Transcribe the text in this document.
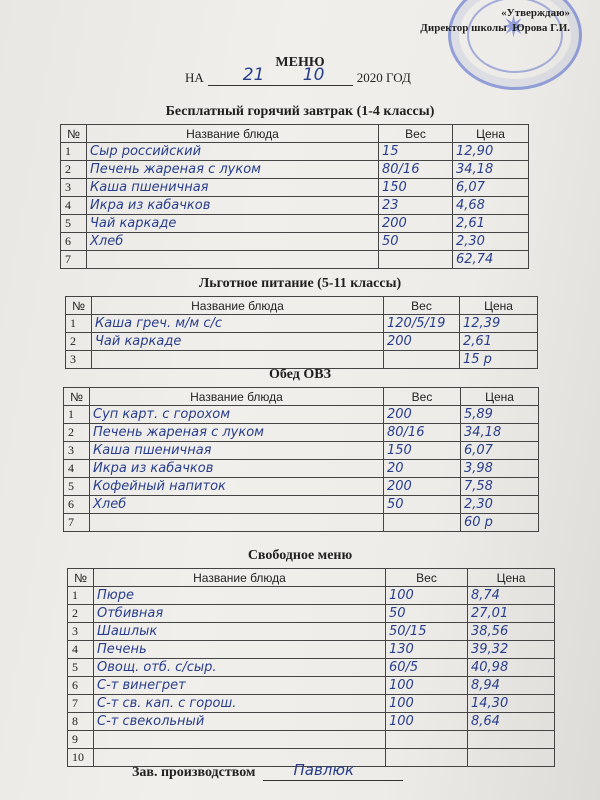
✷
«Утверждаю»
Директор школы Юрова Г.И.
МЕНЮ
НА 21 10 2020 ГОД
Бесплатный горячий завтрак (1-4 классы)
Льготное питание (5-11 классы)
Обед ОВЗ
Свободное меню
№	Название блюда	Вес	Цена
1	Сыр российский	15	12,90
2	Печень жареная с луком	80/16	34,18
3	Каша пшеничная	150	6,07
4	Икра из кабачков	23	4,68
5	Чай каркаде	200	2,61
6	Хлеб	50	2,30
7			62,74
№	Название блюда	Вес	Цена
1	Каша греч. м/м с/с	120/5/19	12,39
2	Чай каркаде	200	2,61
3			15 р
№	Название блюда	Вес	Цена
1	Суп карт. с горохом	200	5,89
2	Печень жареная с луком	80/16	34,18
3	Каша пшеничная	150	6,07
4	Икра из кабачков	20	3,98
5	Кофейный напиток	200	7,58
6	Хлеб	50	2,30
7			60 р
№	Название блюда	Вес	Цена
1	Пюре	100	8,74
2	Отбивная	50	27,01
3	Шашлык	50/15	38,56
4	Печень	130	39,32
5	Овощ. отб. с/сыр.	60/5	40,98
6	С-т винегрет	100	8,94
7	С-т св. кап. с горош.	100	14,30
8	С-т свекольный	100	8,64
9			
10			
Зав. производством	Павлюк
